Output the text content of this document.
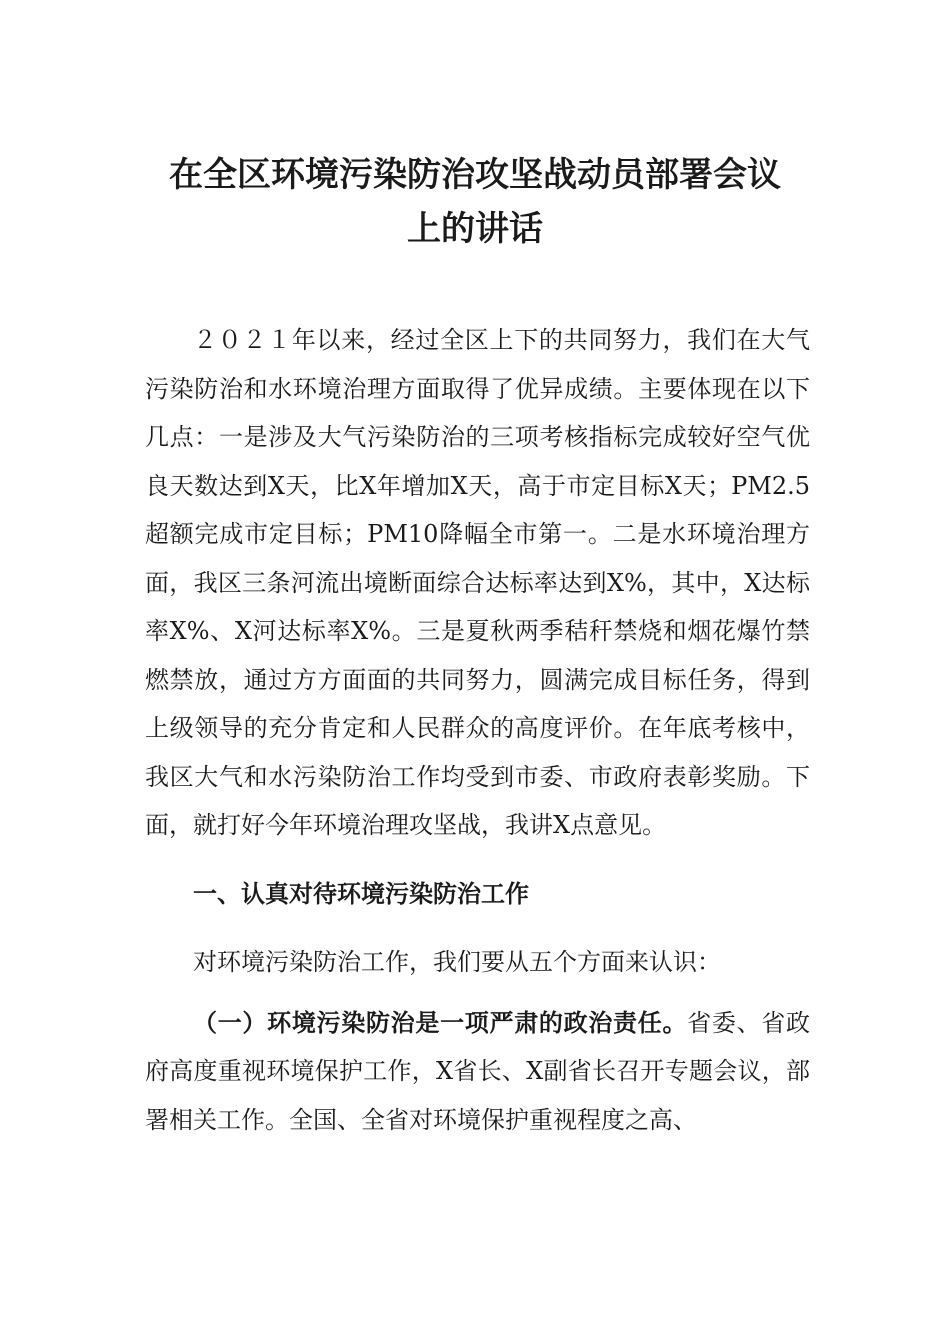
在全区环境污染防治攻坚战动员部署会议
上的讲话

２０２１年以来，经过全区上下的共同努力，我们在大气污染防治和水环境治理方面取得了优异成绩。主要体现在以下几点：一是涉及大气污染防治的三项考核指标完成较好空气优良天数达到X天，比X年增加X天，高于市定目标X天；PM2.5超额完成市定目标；PM10降幅全市第一。二是水环境治理方面，我区三条河流出境断面综合达标率达到X%，其中，X达标率X%、X河达标率X%。三是夏秋两季秸秆禁烧和烟花爆竹禁燃禁放，通过方方面面的共同努力，圆满完成目标任务，得到上级领导的充分肯定和人民群众的高度评价。在年底考核中，我区大气和水污染防治工作均受到市委、市政府表彰奖励。下面，就打好今年环境治理攻坚战，我讲X点意见。

一、认真对待环境污染防治工作

对环境污染防治工作，我们要从五个方面来认识：

（一）环境污染防治是一项严肃的政治责任。省委、省政府高度重视环境保护工作，X省长、X副省长召开专题会议，部署相关工作。全国、全省对环境保护重视程度之高、
